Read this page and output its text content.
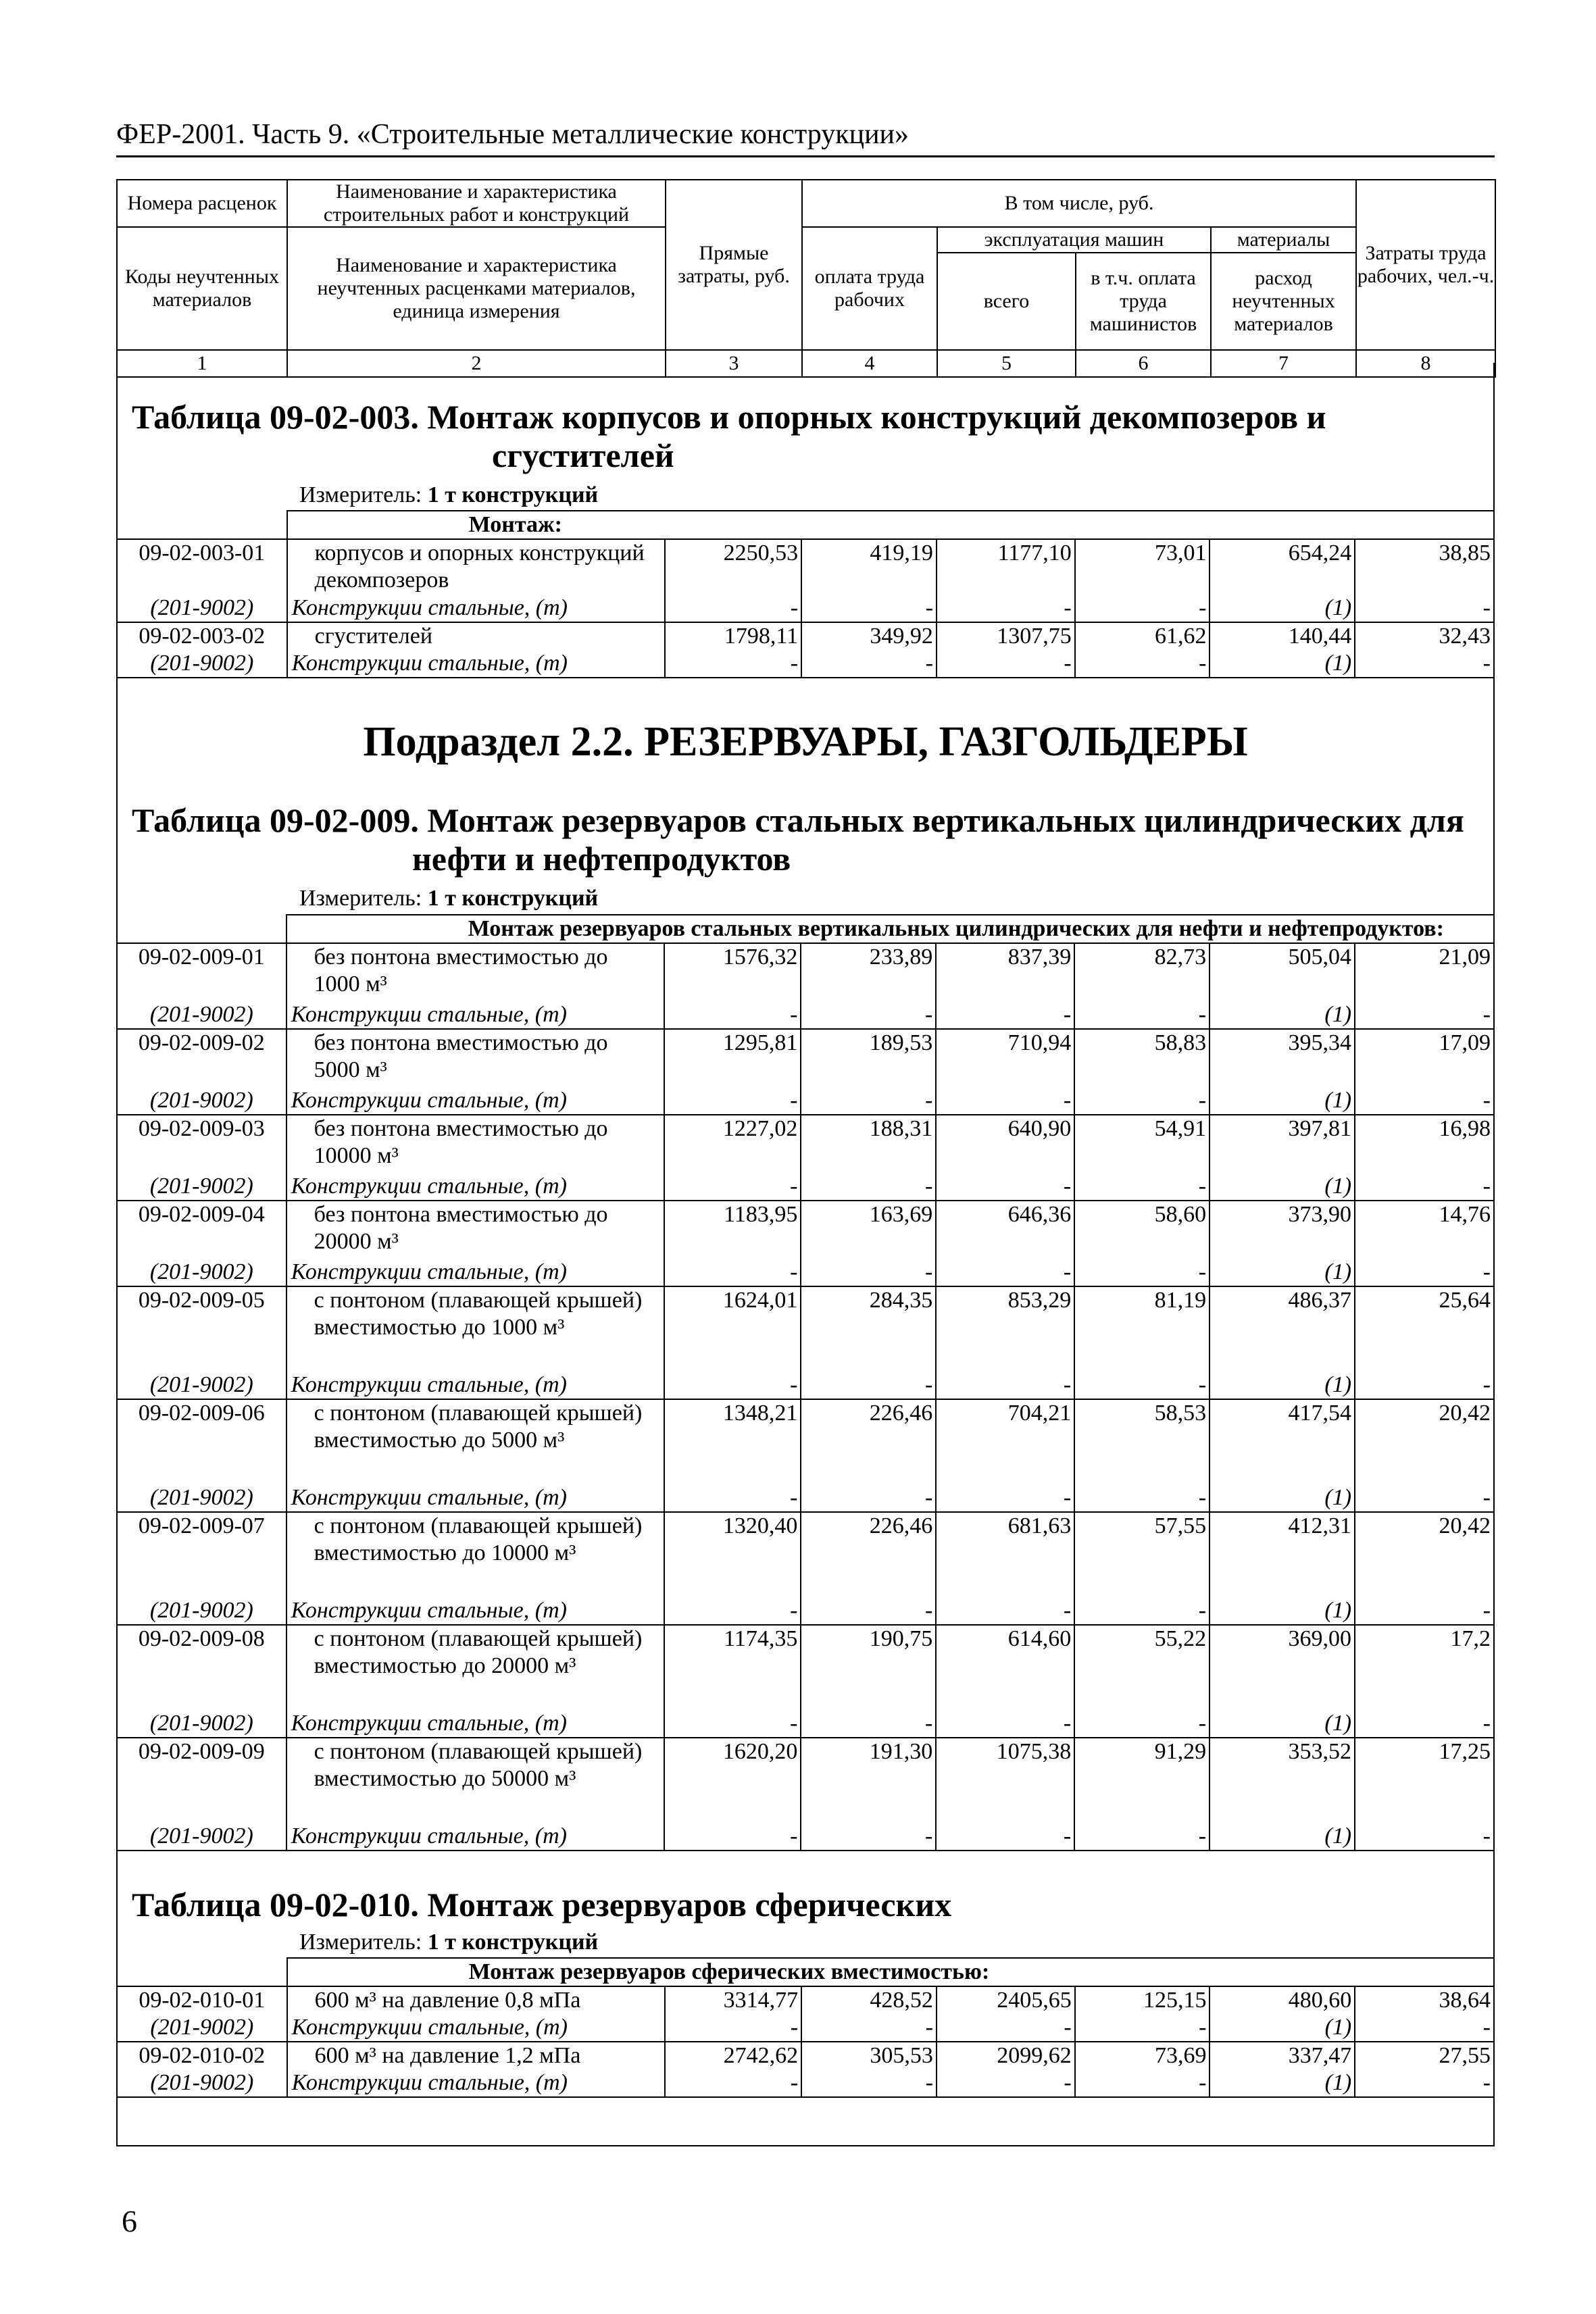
ФЕР-2001. Часть 9. «Строительные металлические конструкции»
Номера расценок	Наименование и характеристика строительных работ и конструкций	Прямые затраты, руб.	В том числе, руб.				Затраты труда рабочих, чел.-ч.
Коды неучтенных материалов	Наименование и характеристика неучтенных расценками материалов, единица измерения		оплата труда рабочих	эксплуатация машин		материалы	
				всего	в т.ч. оплата труда машинистов	расход неучтенных материалов	
1	2	3	4	5	6	7	8
Таблица 09-02-003. Монтаж корпусов и опорных конструкций декомпозеров и
сгустителей
Измеритель: 1 т конструкций
	Монтаж:						
09-02-003-01	корпусов и опорных конструкций декомпозеров	2250,53	419,19	1177,10	73,01	654,24	38,85
(201-9002)	Конструкции стальные, (т)	-	-	-	-	(1)	-
09-02-003-02	сгустителей	1798,11	349,92	1307,75	61,62	140,44	32,43
(201-9002)	Конструкции стальные, (т)	-	-	-	-	(1)	-
Подраздел 2.2. РЕЗЕРВУАРЫ, ГАЗГОЛЬДЕРЫ
Таблица 09-02-009. Монтаж резервуаров стальных вертикальных цилиндрических для
нефти и нефтепродуктов
Измеритель: 1 т конструкций
	Монтаж резервуаров стальных вертикальных цилиндрических для нефти и нефтепродуктов:						
09-02-009-01	без понтона вместимостью до 1000 м³	1576,32	233,89	837,39	82,73	505,04	21,09
(201-9002)	Конструкции стальные, (т)	-	-	-	-	(1)	-
09-02-009-02	без понтона вместимостью до 5000 м³	1295,81	189,53	710,94	58,83	395,34	17,09
(201-9002)	Конструкции стальные, (т)	-	-	-	-	(1)	-
09-02-009-03	без понтона вместимостью до 10000 м³	1227,02	188,31	640,90	54,91	397,81	16,98
(201-9002)	Конструкции стальные, (т)	-	-	-	-	(1)	-
09-02-009-04	без понтона вместимостью до 20000 м³	1183,95	163,69	646,36	58,60	373,90	14,76
(201-9002)	Конструкции стальные, (т)	-	-	-	-	(1)	-
09-02-009-05	с понтоном (плавающей крышей) вместимостью до 1000 м³	1624,01	284,35	853,29	81,19	486,37	25,64
(201-9002)	Конструкции стальные, (т)	-	-	-	-	(1)	-
09-02-009-06	с понтоном (плавающей крышей) вместимостью до 5000 м³	1348,21	226,46	704,21	58,53	417,54	20,42
(201-9002)	Конструкции стальные, (т)	-	-	-	-	(1)	-
09-02-009-07	с понтоном (плавающей крышей) вместимостью до 10000 м³	1320,40	226,46	681,63	57,55	412,31	20,42
(201-9002)	Конструкции стальные, (т)	-	-	-	-	(1)	-
09-02-009-08	с понтоном (плавающей крышей) вместимостью до 20000 м³	1174,35	190,75	614,60	55,22	369,00	17,2
(201-9002)	Конструкции стальные, (т)	-	-	-	-	(1)	-
09-02-009-09	с понтоном (плавающей крышей) вместимостью до 50000 м³	1620,20	191,30	1075,38	91,29	353,52	17,25
(201-9002)	Конструкции стальные, (т)	-	-	-	-	(1)	-
Таблица 09-02-010. Монтаж резервуаров сферических
Измеритель: 1 т конструкций
	Монтаж резервуаров сферических вместимостью:						
09-02-010-01	600 м³ на давление 0,8 мПа	3314,77	428,52	2405,65	125,15	480,60	38,64
(201-9002)	Конструкции стальные, (т)	-	-	-	-	(1)	-
09-02-010-02	600 м³ на давление 1,2 мПа	2742,62	305,53	2099,62	73,69	337,47	27,55
(201-9002)	Конструкции стальные, (т)	-	-	-	-	(1)	-
6
